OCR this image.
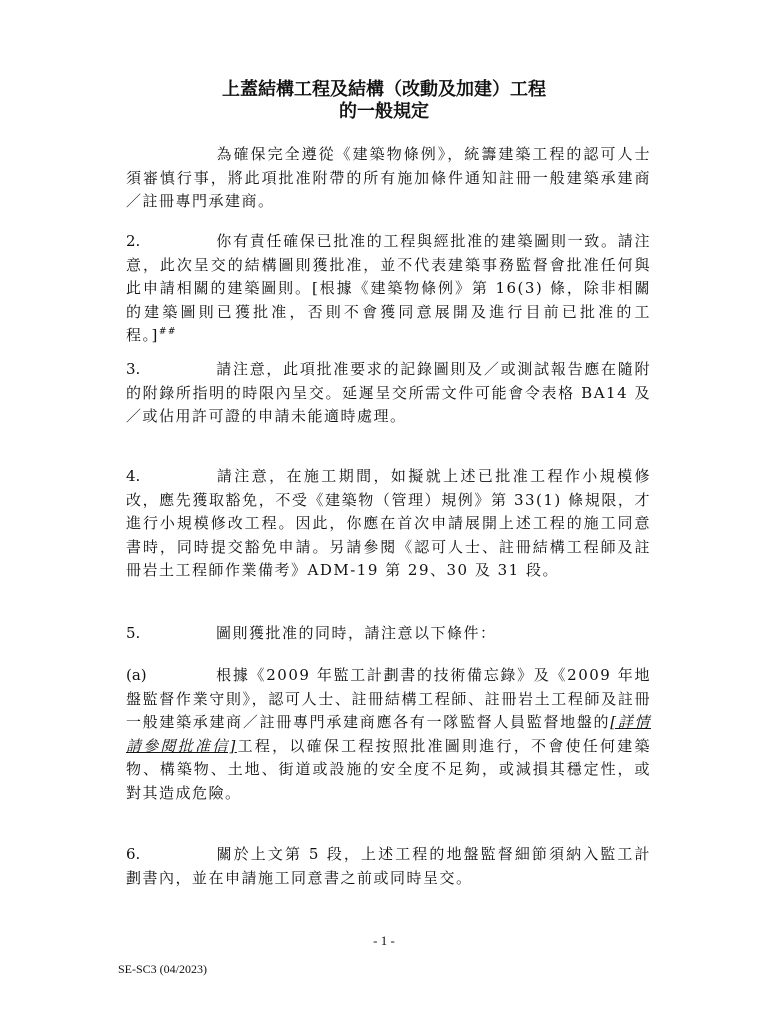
上蓋結構工程及結構（改動及加建）工程
的一般規定

為確保完全遵從《建築物條例》，統籌建築工程的認可人士須審慎行事，將此項批准附帶的所有施加條件通知註冊一般建築承建商／註冊專門承建商。

2.	你有責任確保已批准的工程與經批准的建築圖則一致。請注意，此次呈交的結構圖則獲批准，並不代表建築事務監督會批准任何與此申請相關的建築圖則。[根據《建築物條例》第 16(3) 條，除非相關的建築圖則已獲批准，否則不會獲同意展開及進行目前已批准的工程。]##

3.	請注意，此項批准要求的記錄圖則及／或測試報告應在隨附的附錄所指明的時限內呈交。延遲呈交所需文件可能會令表格 BA14 及／或佔用許可證的申請未能適時處理。

4.	請注意，在施工期間，如擬就上述已批准工程作小規模修改，應先獲取豁免，不受《建築物（管理）規例》第 33(1) 條規限，才進行小規模修改工程。因此，你應在首次申請展開上述工程的施工同意書時，同時提交豁免申請。另請參閱《認可人士、註冊結構工程師及註冊岩土工程師作業備考》ADM-19 第 29、30 及 31 段。

5.	圖則獲批准的同時，請注意以下條件：

(a)	根據《2009 年監工計劃書的技術備忘錄》及《2009 年地盤監督作業守則》，認可人士、註冊結構工程師、註冊岩土工程師及註冊一般建築承建商／註冊專門承建商應各有一隊監督人員監督地盤的[詳情請參閱批准信]工程，以確保工程按照批准圖則進行，不會使任何建築物、構築物、土地、街道或設施的安全度不足夠，或減損其穩定性，或對其造成危險。

6.	關於上文第 5 段，上述工程的地盤監督細節須納入監工計劃書內，並在申請施工同意書之前或同時呈交。

- 1 -
SE-SC3 (04/2023)
